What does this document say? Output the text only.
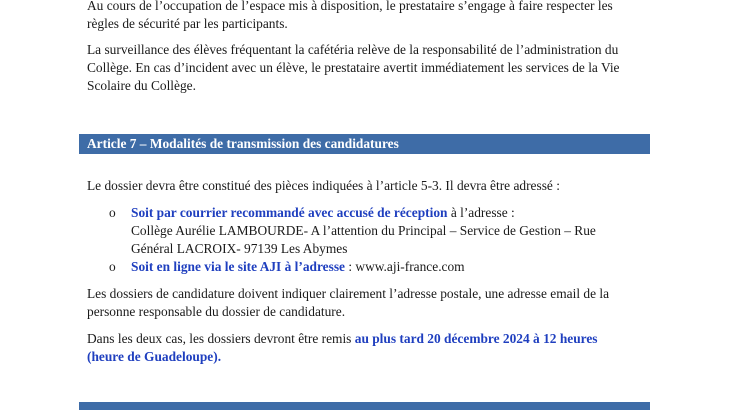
Au cours de l’occupation de l’espace mis à disposition, le prestataire s’engage à faire respecter les
règles de sécurité par les participants.

La surveillance des élèves fréquentant la cafétéria relève de la responsabilité de l’administration du
Collège. En cas d’incident avec un élève, le prestataire avertit immédiatement les services de la Vie
Scolaire du Collège.

Article 7 – Modalités de transmission des candidatures

Le dossier devra être constitué des pièces indiquées à l’article 5-3. Il devra être adressé :

o Soit par courrier recommandé avec accusé de réception à l’adresse :

Collège Aurélie LAMBOURDE- A l’attention du Principal – Service de Gestion – Rue

Général LACROIX- 97139 Les Abymes

o Soit en ligne via le site AJI à l’adresse : www.aji-france.com

Les dossiers de candidature doivent indiquer clairement l’adresse postale, une adresse email de la
personne responsable du dossier de candidature.

Dans les deux cas, les dossiers devront être remis au plus tard 20 décembre 2024 à 12 heures
(heure de Guadeloupe).
